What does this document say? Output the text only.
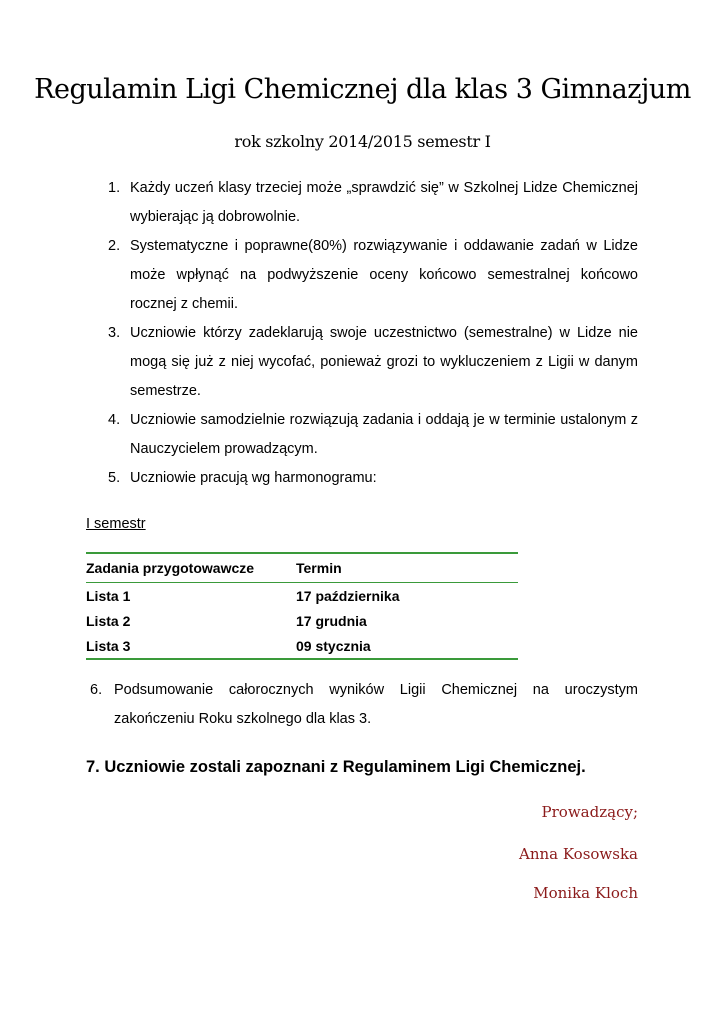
Regulamin Ligi Chemicznej dla klas 3 Gimnazjum
rok szkolny 2014/2015 semestr I
1. Każdy uczeń klasy trzeciej może „sprawdzić się” w Szkolnej Lidze Chemicznej wybierając ją dobrowolnie.
2. Systematyczne i poprawne(80%) rozwiązywanie i oddawanie zadań w Lidze może wpłynąć na podwyższenie oceny końcowo semestralnej końcowo rocznej z chemii.
3. Uczniowie którzy zadeklarują swoje uczestnictwo (semestralne) w Lidze nie mogą się już z niej wycofać, ponieważ grozi to wykluczeniem z Ligii w danym semestrze.
4. Uczniowie samodzielnie rozwiązują zadania i oddają je w terminie ustalonym z Nauczycielem prowadzącym.
5. Uczniowie pracują wg harmonogramu:
I semestr
Zadania przygotowawcze	Termin
Lista 1	17 października
Lista 2	17 grudnia
Lista 3	09 stycznia
6. Podsumowanie całorocznych wyników Ligii Chemicznej na uroczystym zakończeniu Roku szkolnego dla klas 3.
7. Uczniowie zostali zapoznani z Regulaminem Ligi Chemicznej.
Prowadzący;
Anna Kosowska
Monika Kloch
